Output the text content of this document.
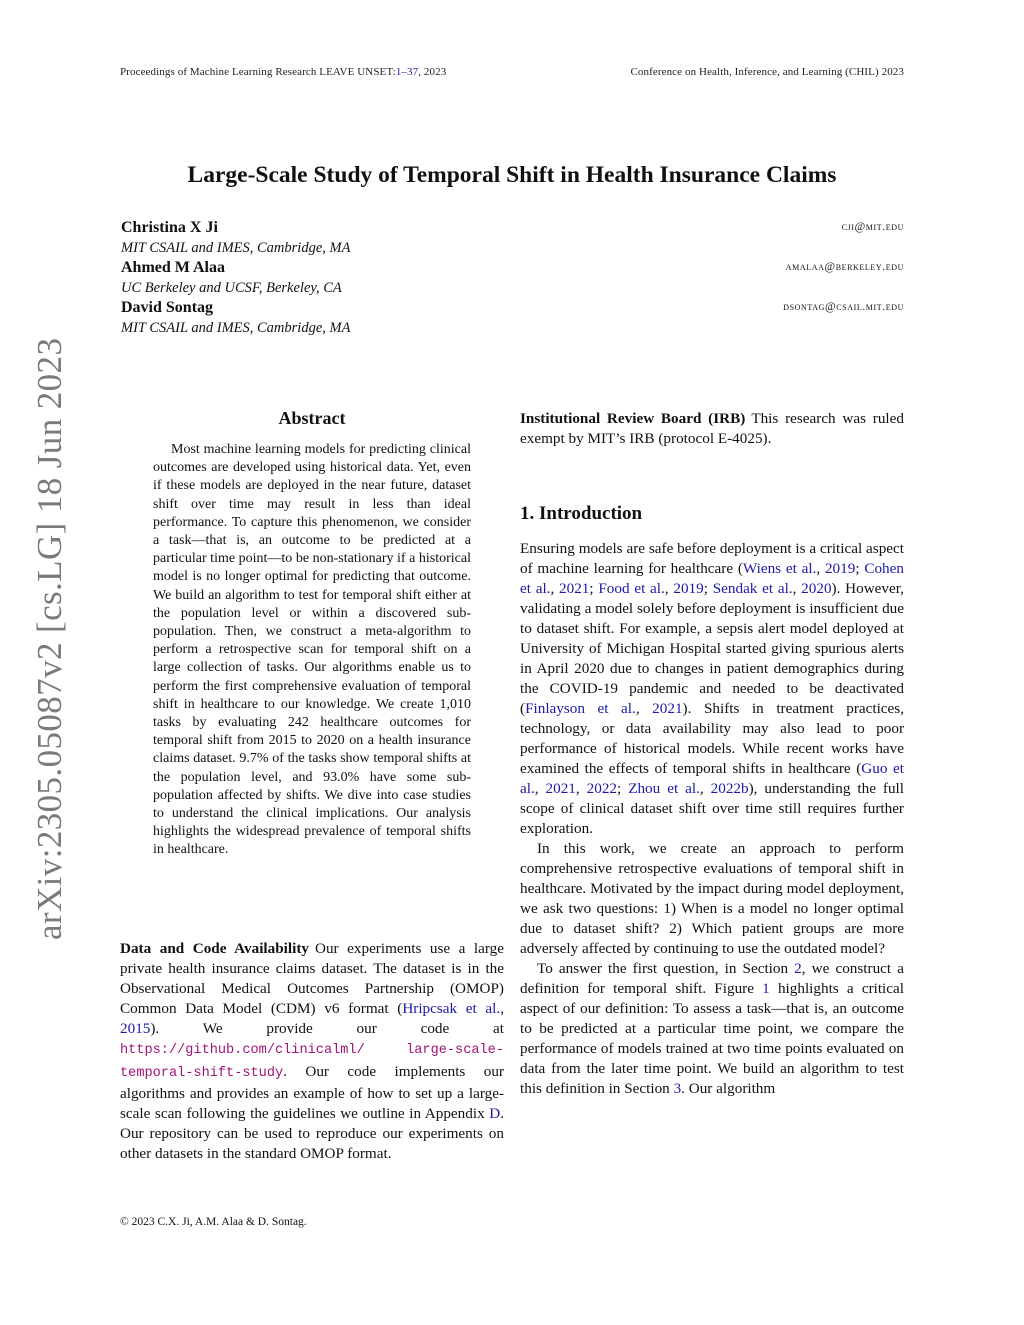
Proceedings of Machine Learning Research LEAVE UNSET:1–37, 2023	Conference on Health, Inference, and Learning (CHIL) 2023
arXiv:2305.05087v2 [cs.LG] 18 Jun 2023
Large-Scale Study of Temporal Shift in Health Insurance Claims
Christina X Ji
MIT CSAIL and IMES, Cambridge, MA
cji@mit.edu
Ahmed M Alaa
UC Berkeley and UCSF, Berkeley, CA
amalaa@berkeley.edu
David Sontag
MIT CSAIL and IMES, Cambridge, MA
dsontag@csail.mit.edu
Abstract
Most machine learning models for predicting clinical outcomes are developed using historical data. Yet, even if these models are deployed in the near future, dataset shift over time may result in less than ideal performance. To capture this phenomenon, we consider a task—that is, an outcome to be predicted at a particular time point—to be non-stationary if a historical model is no longer optimal for predicting that outcome. We build an algorithm to test for temporal shift either at the population level or within a discovered sub-population. Then, we construct a meta-algorithm to perform a retrospective scan for temporal shift on a large collection of tasks. Our algorithms enable us to perform the first comprehensive evaluation of temporal shift in healthcare to our knowledge. We create 1,010 tasks by evaluating 242 healthcare outcomes for temporal shift from 2015 to 2020 on a health insurance claims dataset. 9.7% of the tasks show temporal shifts at the population level, and 93.0% have some sub-population affected by shifts. We dive into case studies to understand the clinical implications. Our analysis highlights the widespread prevalence of temporal shifts in healthcare.
Data and Code Availability Our experiments use a large private health insurance claims dataset. The dataset is in the Observational Medical Outcomes Partnership (OMOP) Common Data Model (CDM) v6 format (Hripcsak et al., 2015). We provide our code at https://github.com/clinicalml/	large-scale-temporal-shift-study. Our code implements our algorithms and provides an example of how to set up a large-scale scan following the guidelines we outline in Appendix D. Our repository can be used to reproduce our experiments on other datasets in the standard OMOP format.
Institutional Review Board (IRB) This research was ruled exempt by MIT’s IRB (protocol E-4025).
1. Introduction

Ensuring models are safe before deployment is a critical aspect of machine learning for healthcare (Wiens et al., 2019; Cohen et al., 2021; Food et al., 2019; Sendak et al., 2020). However, validating a model solely before deployment is insufficient due to dataset shift. For example, a sepsis alert model deployed at University of Michigan Hospital started giving spurious alerts in April 2020 due to changes in patient demographics during the COVID-19 pandemic and needed to be deactivated (Finlayson et al., 2021). Shifts in treatment practices, technology, or data availability may also lead to poor performance of historical models. While recent works have examined the effects of temporal shifts in healthcare (Guo et al., 2021, 2022; Zhou et al., 2022b), understanding the full scope of clinical dataset shift over time still requires further exploration.

In this work, we create an approach to perform comprehensive retrospective evaluations of temporal shift in healthcare. Motivated by the impact during model deployment, we ask two questions: 1) When is a model no longer optimal due to dataset shift? 2) Which patient groups are more adversely affected by continuing to use the outdated model?

To answer the first question, in Section 2, we construct a definition for temporal shift. Figure 1 highlights a critical aspect of our definition: To assess a task—that is, an outcome to be predicted at a particular time point, we compare the performance of models trained at two time points evaluated on data from the later time point. We build an algorithm to test this definition in Section 3. Our algorithm

© 2023 C.X. Ji, A.M. Alaa & D. Sontag.
